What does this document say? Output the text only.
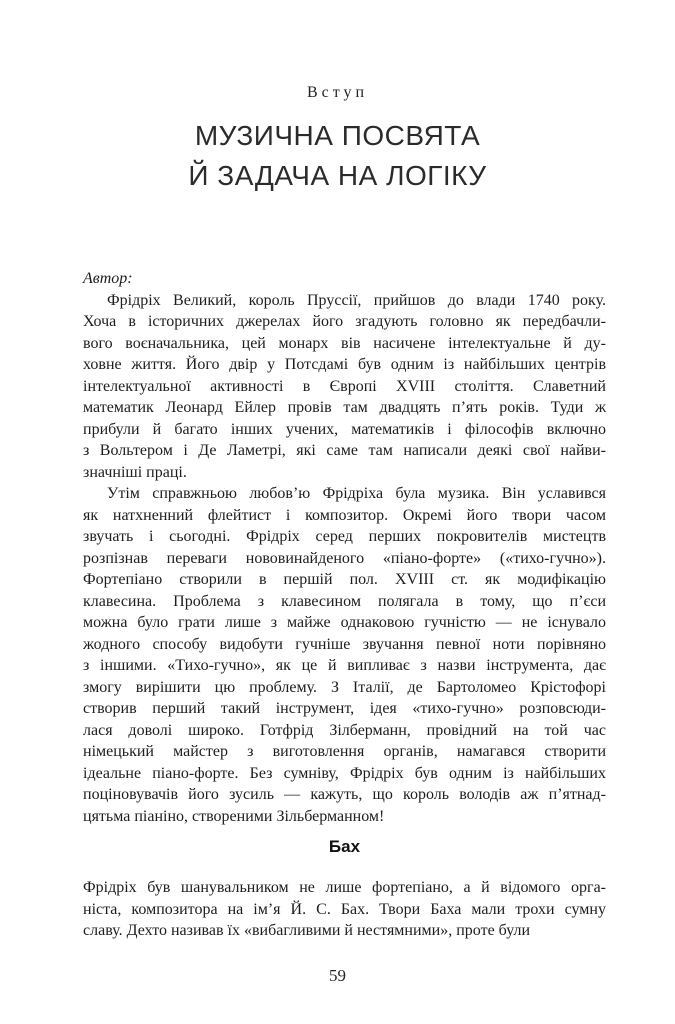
Вступ
МУЗИЧНА ПОСВЯТА
Й ЗАДАЧА НА ЛОГІКУ
Автор:
Фрідріх Великий, король Пруссії, прийшов до влади 1740 року.
Хоча в історичних джерелах його згадують головно як передбачли-
вого воєначальника, цей монарх вів насичене інтелектуальне й ду-
ховне життя. Його двір у Потсдамі був одним із найбільших центрів
інтелектуальної активності в Європі XVIII століття. Славетний
математик Леонард Ейлер провів там двадцять п’ять років. Туди ж
прибули й багато інших учених, математиків і філософів включно
з Вольтером і Де Ламетрі, які саме там написали деякі свої найви-
значніші праці.
Утім справжньою любов’ю Фрідріха була музика. Він уславився
як натхненний флейтист і композитор. Окремі його твори часом
звучать і сьогодні. Фрідріх серед перших покровителів мистецтв
розпізнав переваги нововинайденого «піано-форте» («тихо-гучно»).
Фортепіано створили в першій пол. XVIII ст. як модифікацію
клавесина. Проблема з клавесином полягала в тому, що п’єси
можна було грати лише з майже однаковою гучністю — не існувало
жодного способу видобути гучніше звучання певної ноти порівняно
з іншими. «Тихо-гучно», як це й випливає з назви інструмента, дає
змогу вирішити цю проблему. З Італії, де Бартоломео Крістофорі
створив перший такий інструмент, ідея «тихо-гучно» розповсюди-
лася доволі широко. Готфрід Зілберманн, провідний на той час
німецький майстер з виготовлення органів, намагався створити
ідеальне піано-форте. Без сумніву, Фрідріх був одним із найбільших
поціновувачів його зусиль — кажуть, що король володів аж п’ятнад-
цятьма піаніно, створеними Зільберманном!
Бах
Фрідріх був шанувальником не лише фортепіано, а й відомого орга-
ніста, композитора на ім’я Й. С. Бах. Твори Баха мали трохи сумну
славу. Дехто називав їх «вибагливими й нестямними», проте були
59
